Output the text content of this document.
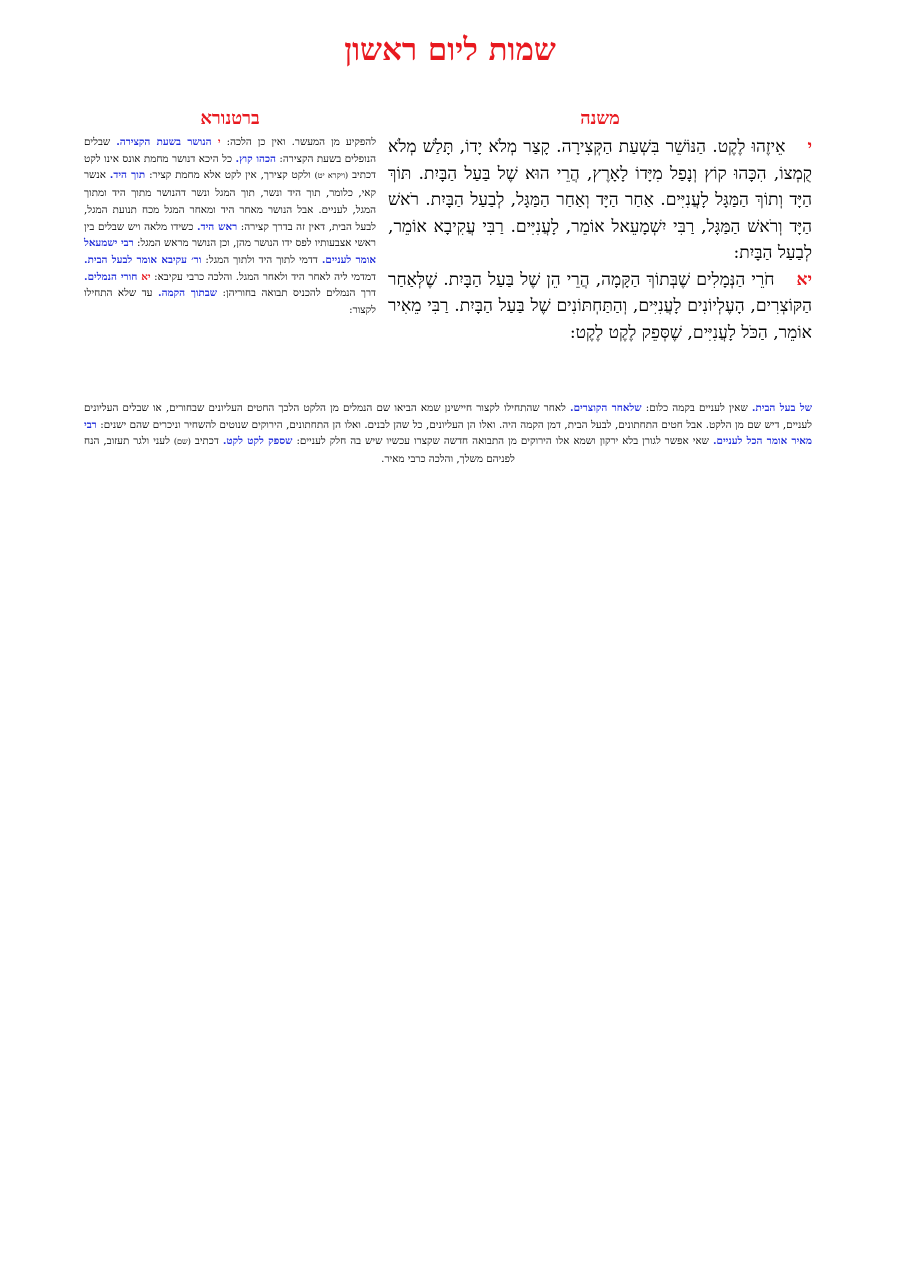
שמות ליום ראשון
משנה
ברטנורא

יאֵיזֶהוּ לֶקֶט. הַנּוֹשֵׁר בִּשְׁעַת הַקְּצִירָה. קָצַר מְלֹא יָדוֹ, תָּלַשׁ מְלֹא קֻמְצוֹ, הִכָּהוּ קוֹץ וְנָפַל מִיָּדוֹ לָאָרֶץ, הֲרֵי הוּא שֶׁל בַּעַל הַבָּיִת. תּוֹךְ הַיָּד וְתוֹךְ הַמַּגָּל לָעֲנִיִּים. אַחַר הַיָּד וְאַחַר הַמַּגָּל, לְבַעַל הַבָּיִת. רֹאשׁ הַיָּד וְרֹאשׁ הַמַּגָּל, רַבִּי יִשְׁמָעֵאל אוֹמֵר, לָעֲנִיִּים. רַבִּי עֲקִיבָא אוֹמֵר, לְבַעַל הַבָּיִת:

יאחֹרֵי הַנְּמָלִים שֶׁבְּתוֹךְ הַקָּמָה, הֲרֵי הֵן שֶׁל בַּעַל הַבָּיִת. שֶׁלְּאַחַר הַקּוֹצְרִים, הָעֶלְיוֹנִים לָעֲנִיִּים, וְהַתַּחְתּוֹנִים שֶׁל בַּעַל הַבָּיִת. רַבִּי מֵאִיר אוֹמֵר, הַכֹּל לָעֲנִיִּים, שֶׁסְּפֵק לֶקֶט לֶקֶט:

להפקיע מן המעשר. ואין כן הלכה: י הנושר בשעת הקצירה. שבלים הנופלים בשעת הקצירה: הכהו קוץ. כל היכא דנושר מחמת אונס אינו לקט דכתיב (ויקרא יט) ולקט קצירך, אין לקט אלא מחמת קציר: תוך היד. אנשר קאי, כלומר, תוך היד ונשר, תוך המגל ונשר דהנושר מתוך היד ומתוך המגל, לעניים. אבל הנושר מאחר היד ומאחר המגל מכח תנועת המגל, לבעל הבית, דאין זה בדרך קצירה: ראש היד. כשידו מלאה ויש שבלים בין ראשי אצבעותיו לפס ידו הנושר מהן, וכן הנושר מראש המגל: רבי ישמעאל אומר לעניים. דדמי לתוך היד ולתוך המגל: ור׳ עקיבא אומר לבעל הבית. דמדמי ליה לאחר היד ולאחר המגל. והלכה כרבי עקיבא: יא חורי הנמלים. דרך הנמלים להכניס תבואה בחוריהן: שבתוך הקמה. עד שלא התחילו לקצור:
של בעל הבית. שאין לעניים בקמה כלום: שלאחר הקוצרים. לאחר שהתחילו לקצור חיישינן שמא הביאו שם הנמלים מן הלקט הלכך החטים העליונים שבחורים, או שבלים העליונים לעניים, דיש שם מן הלקט. אבל חטים התחתונים, לבעל הבית, דמן הקמה היה. ואלו הן העליונים, כל שהן לבנים. ואלו הן התחתונים, הירוקים שנוטים להשחיר וניכרים שהם ישנים: רבי מאיר אומר הכל לעניים. שאי אפשר לגורן בלא ירקון ושמא אלו הירוקים מן התבואה חדשה שקצרו עכשיו שיש בה חלק לעניים: שספק לקט לקט. דכתיב (שם) לעני ולגר תעזוב, הנח לפניהם משלך, והלכה כרבי מאיר.
